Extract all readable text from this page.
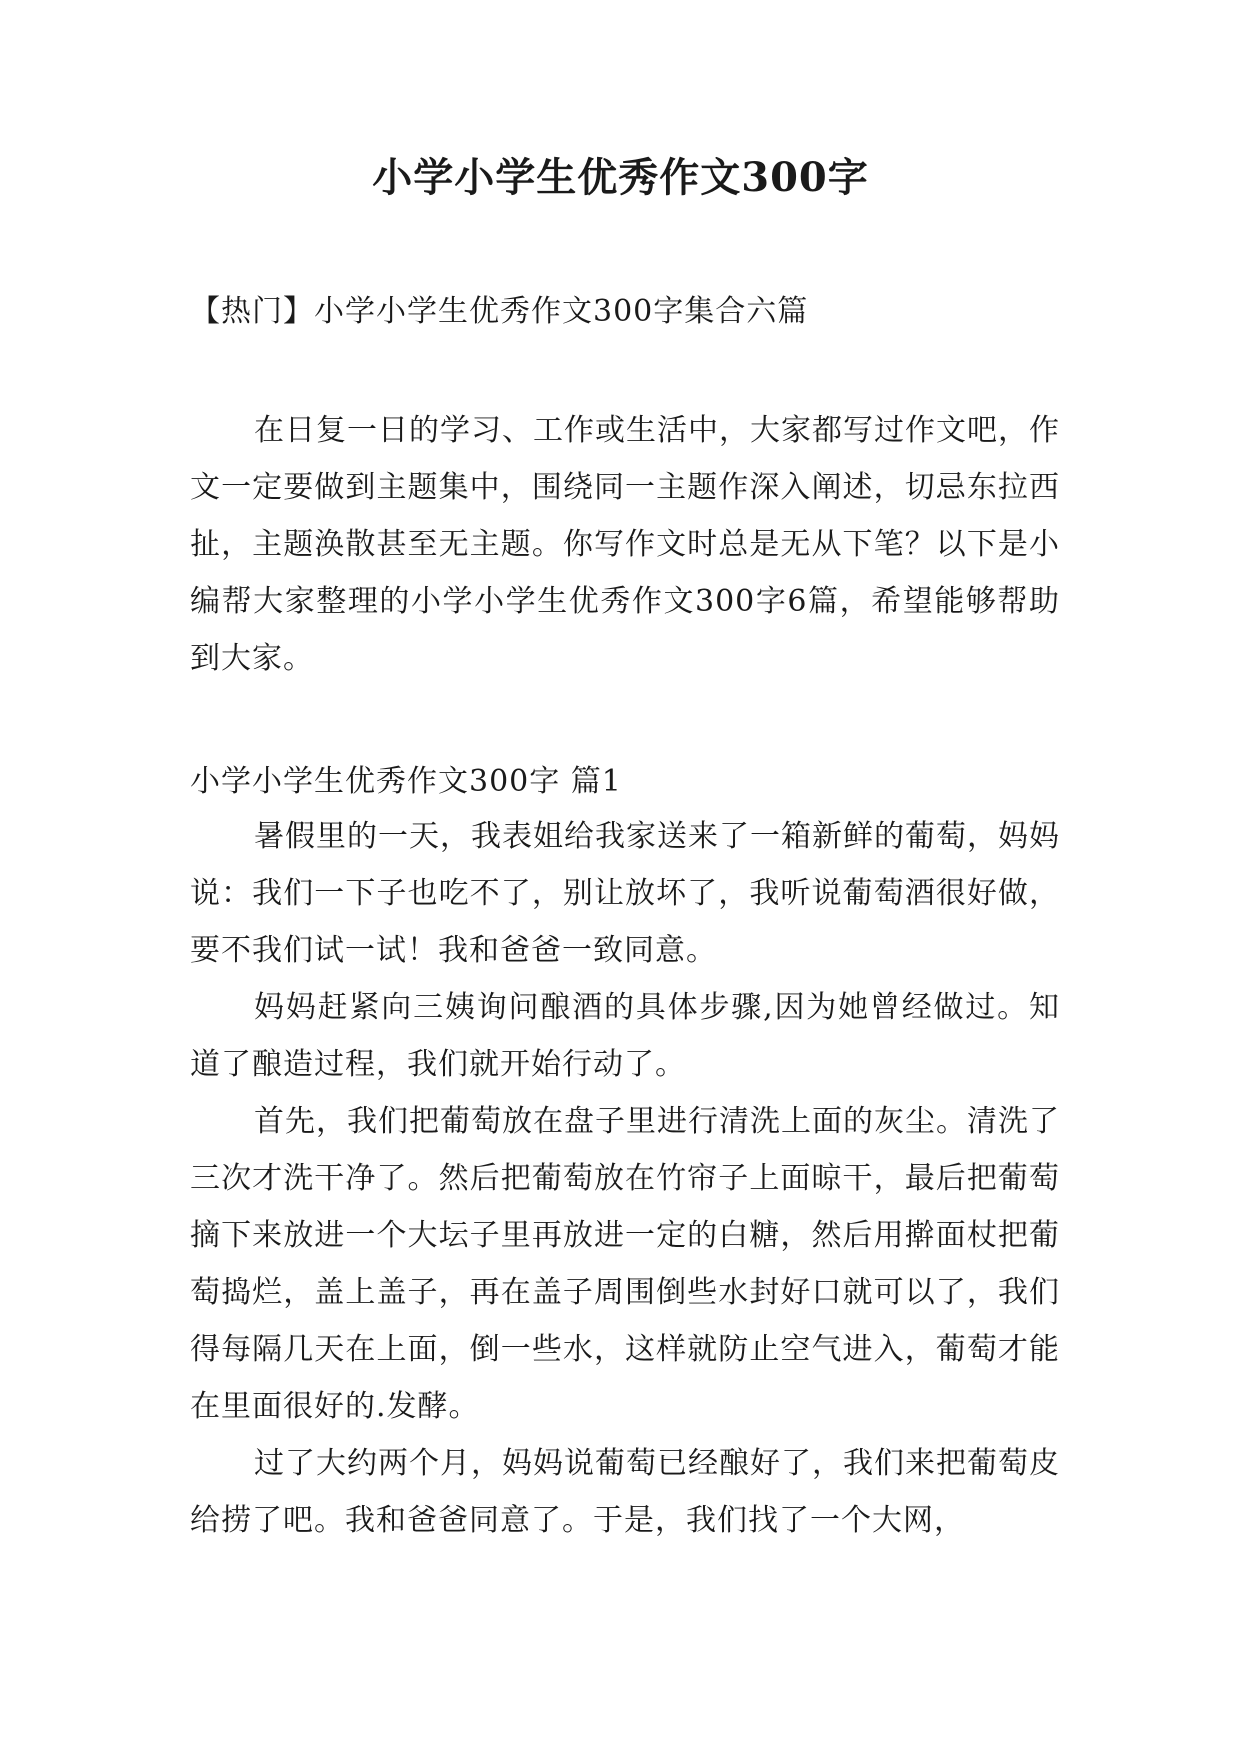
小学小学生优秀作文300字

【热门】小学小学生优秀作文300字集合六篇

在日复一日的学习、工作或生活中，大家都写过作文吧，作文一定要做到主题集中，围绕同一主题作深入阐述，切忌东拉西扯，主题涣散甚至无主题。你写作文时总是无从下笔？以下是小编帮大家整理的小学小学生优秀作文300字6篇，希望能够帮助到大家。

小学小学生优秀作文300字 篇1

暑假里的一天，我表姐给我家送来了一箱新鲜的葡萄，妈妈说：我们一下子也吃不了，别让放坏了，我听说葡萄酒很好做，要不我们试一试！我和爸爸一致同意。

妈妈赶紧向三姨询问酿酒的具体步骤,因为她曾经做过。知道了酿造过程，我们就开始行动了。

首先，我们把葡萄放在盘子里进行清洗上面的灰尘。清洗了三次才洗干净了。然后把葡萄放在竹帘子上面晾干，最后把葡萄摘下来放进一个大坛子里再放进一定的白糖，然后用擀面杖把葡萄捣烂，盖上盖子，再在盖子周围倒些水封好口就可以了，我们得每隔几天在上面，倒一些水，这样就防止空气进入，葡萄才能在里面很好的.发酵。

过了大约两个月，妈妈说葡萄已经酿好了，我们来把葡萄皮给捞了吧。我和爸爸同意了。于是，我们找了一个大网，
